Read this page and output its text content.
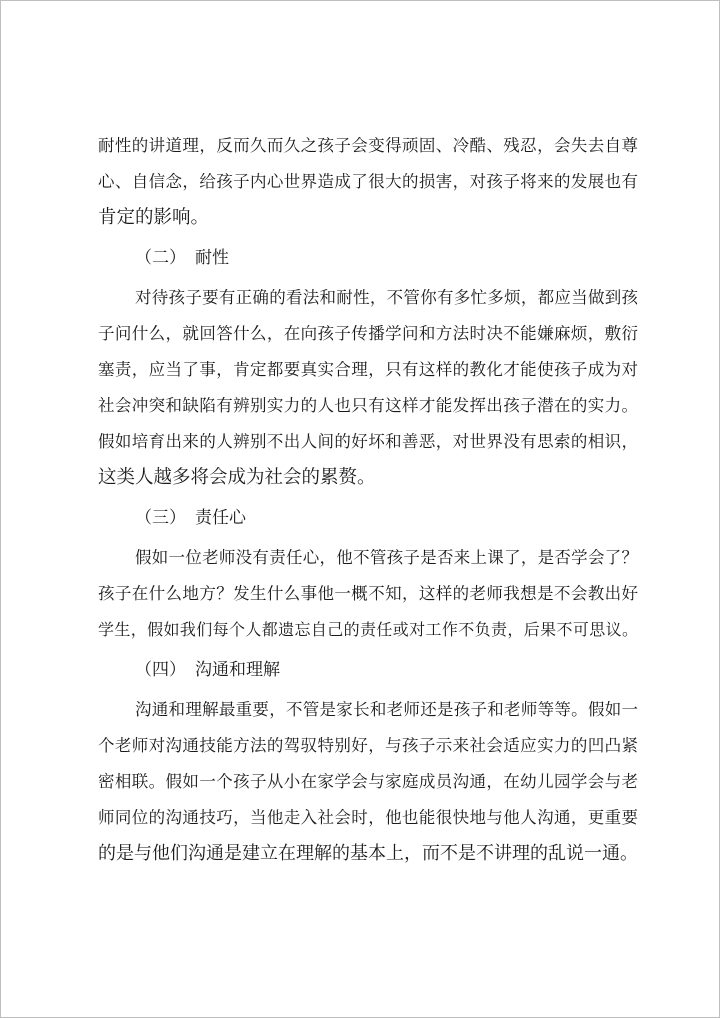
耐性的讲道理，反而久而久之孩子会变得顽固、冷酷、残忍，会失去自尊
心、自信念，给孩子内心世界造成了很大的损害，对孩子将来的发展也有
肯定的影响。
（二） 耐性
对待孩子要有正确的看法和耐性，不管你有多忙多烦，都应当做到孩
子问什么，就回答什么，在向孩子传播学问和方法时决不能嫌麻烦，敷衍
塞责，应当了事，肯定都要真实合理，只有这样的教化才能使孩子成为对
社会冲突和缺陷有辨别实力的人也只有这样才能发挥出孩子潜在的实力。
假如培育出来的人辨别不出人间的好坏和善恶，对世界没有思索的相识，
这类人越多将会成为社会的累赘。
（三） 责任心
假如一位老师没有责任心，他不管孩子是否来上课了，是否学会了？
孩子在什么地方？发生什么事他一概不知，这样的老师我想是不会教出好
学生，假如我们每个人都遗忘自己的责任或对工作不负责，后果不可思议。
（四） 沟通和理解
沟通和理解最重要，不管是家长和老师还是孩子和老师等等。假如一
个老师对沟通技能方法的驾驭特别好，与孩子示来社会适应实力的凹凸紧
密相联。假如一个孩子从小在家学会与家庭成员沟通，在幼儿园学会与老
师同位的沟通技巧，当他走入社会时，他也能很快地与他人沟通，更重要
的是与他们沟通是建立在理解的基本上，而不是不讲理的乱说一通。
